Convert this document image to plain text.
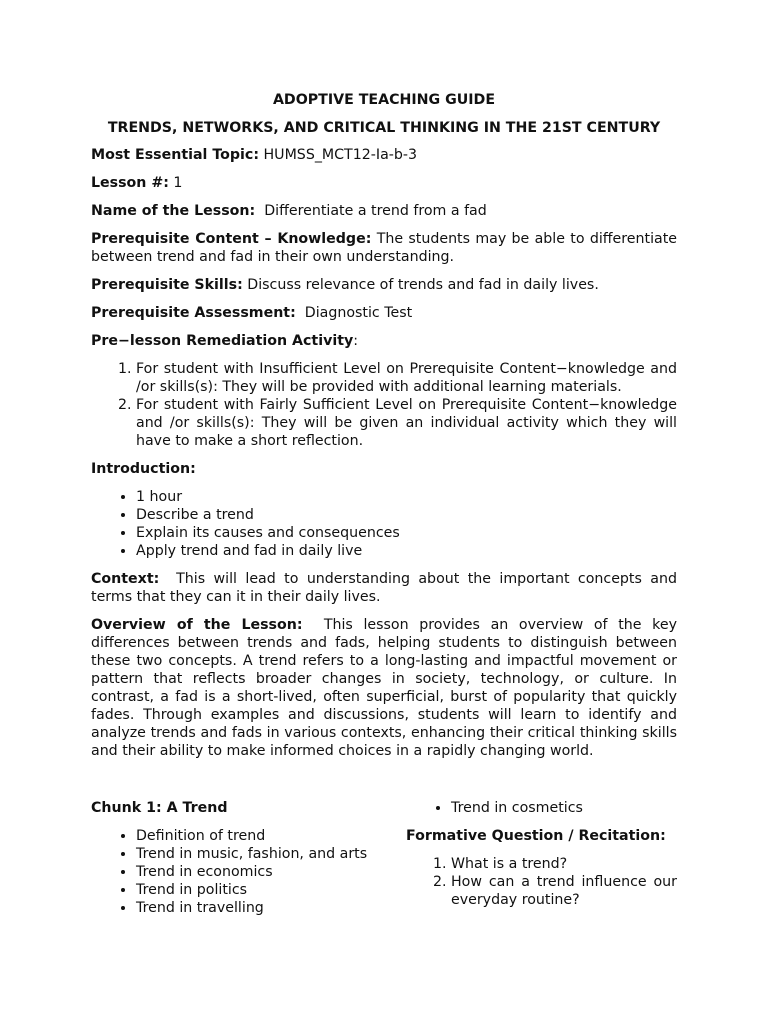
ADOPTIVE TEACHING GUIDE

TRENDS, NETWORKS, AND CRITICAL THINKING IN THE 21ST CENTURY

Most Essential Topic: HUMSS_MCT12-Ia-b-3

Lesson #: 1

Name of the Lesson: Differentiate a trend from a fad

Prerequisite Content – Knowledge: The students may be able to differentiate between trend and fad in their own understanding.

Prerequisite Skills: Discuss relevance of trends and fad in daily lives.

Prerequisite Assessment: Diagnostic Test

Pre−lesson Remediation Activity:

1. For student with Insufficient Level on Prerequisite Content−knowledge and /or skills(s): They will be provided with additional learning materials.
2. For student with Fairly Sufficient Level on Prerequisite Content−knowledge and /or skills(s): They will be given an individual activity which they will have to make a short reflection.

Introduction:

• 1 hour
• Describe a trend
• Explain its causes and consequences
• Apply trend and fad in daily live

Context: This will lead to understanding about the important concepts and terms that they can it in their daily lives.

Overview of the Lesson: This lesson provides an overview of the key differences between trends and fads, helping students to distinguish between these two concepts. A trend refers to a long-lasting and impactful movement or pattern that reflects broader changes in society, technology, or culture. In contrast, a fad is a short-lived, often superficial, burst of popularity that quickly fades. Through examples and discussions, students will learn to identify and analyze trends and fads in various contexts, enhancing their critical thinking skills and their ability to make informed choices in a rapidly changing world.

Chunk 1: A Trend

• Definition of trend
• Trend in music, fashion, and arts
• Trend in economics
• Trend in politics
• Trend in travelling
• Trend in cosmetics

Formative Question / Recitation:

1. What is a trend?
2. How can a trend influence our everyday routine?
